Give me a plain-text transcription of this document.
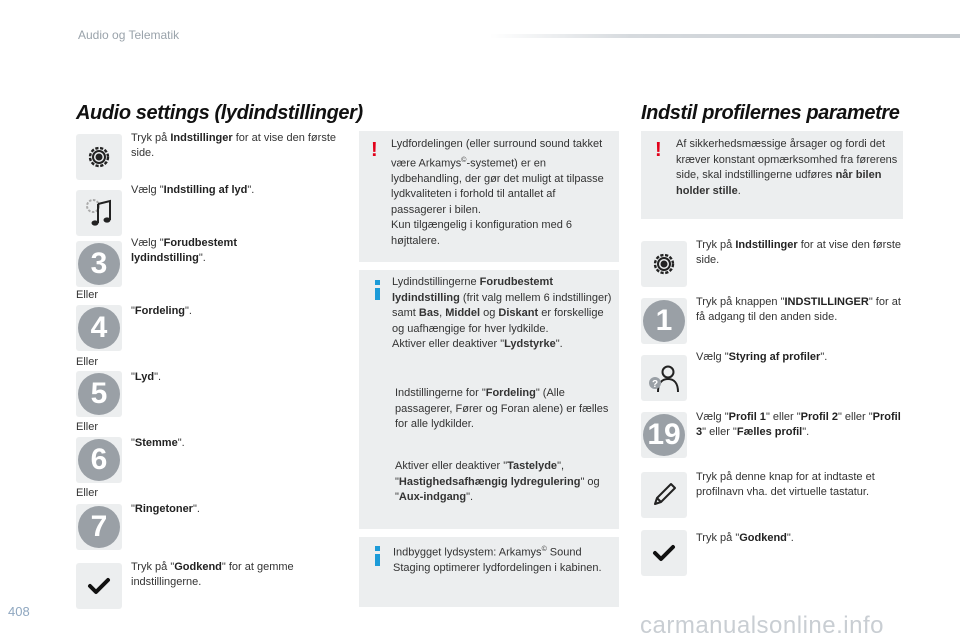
Audio og Telematik
Audio settings (lydindstillinger)
Tryk på Indstillinger for at vise den første side.
Vælg "Indstilling af lyd".
3
Vælg "Forudbestemt lydindstilling".
Eller
4	"Fordeling".
Eller
5	"Lyd".
Eller
6	"Stemme".
Eller
7
"Ringetoner".
Tryk på "Godkend" for at gemme indstillingerne.
! Lydfordelingen (eller surround sound takket være Arkamys©-systemet) er en lydbehandling, der gør det muligt at tilpasse lydkvaliteten i forhold til antallet af passagerer i bilen.
Kun tilgængelig i konfiguration med 6 højttalere.
Lydindstillingerne Forudbestemt lydindstilling (frit valg mellem 6 indstillinger) samt Bas, Middel og Diskant er forskellige og uafhængige for hver lydkilde.
Aktiver eller deaktiver "Lydstyrke".
Indstillingerne for "Fordeling" (Alle passagerer, Fører og Foran alene) er fælles for alle lydkilder.
Aktiver eller deaktiver "Tastelyde", "Hastighedsafhængig lydregulering" og "Aux-indgang".
Indbygget lydsystem: Arkamys© Sound Staging optimerer lydfordelingen i kabinen.
Indstil profilernes parametre
! Af sikkerhedsmæssige årsager og fordi det kræver konstant opmærksomhed fra førerens side, skal indstillingerne udføres når bilen holder stille.
Tryk på Indstillinger for at vise den første side.
1
Tryk på knappen "INDSTILLINGER" for at få adgang til den anden side.
?
Vælg "Styring af profiler".
19
Vælg "Profil 1" eller "Profil 2" eller "Profil 3" eller "Fælles profil".
Tryk på denne knap for at indtaste et profilnavn vha. det virtuelle tastatur.
Tryk på "Godkend".
408
carmanualsonline.info
